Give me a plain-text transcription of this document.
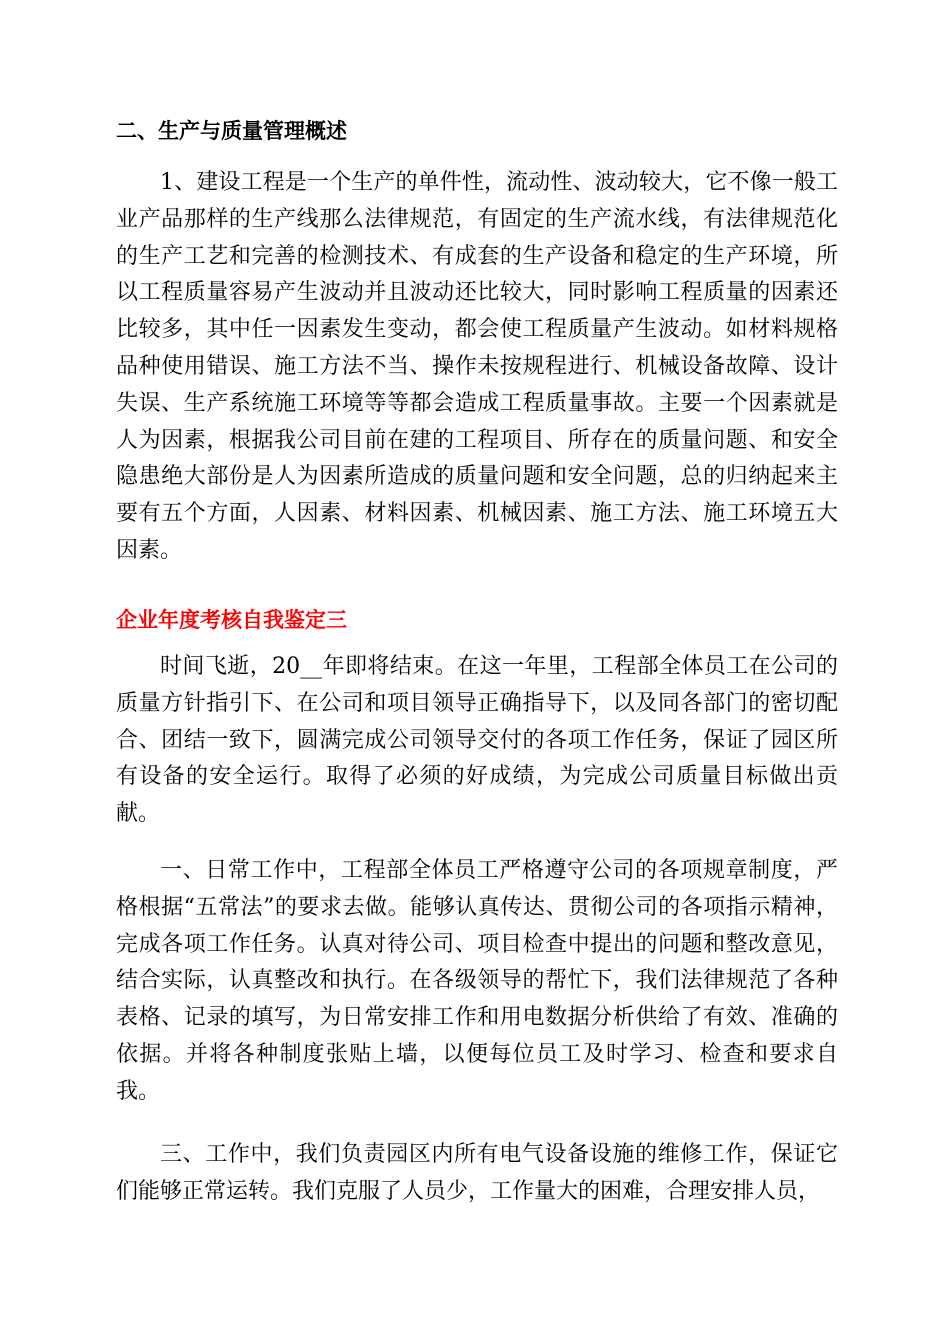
二、生产与质量管理概述

1、建设工程是一个生产的单件性，流动性、波动较大，它不像一般工业产品那样的生产线那么法律规范，有固定的生产流水线，有法律规范化的生产工艺和完善的检测技术、有成套的生产设备和稳定的生产环境，所以工程质量容易产生波动并且波动还比较大，同时影响工程质量的因素还比较多，其中任一因素发生变动，都会使工程质量产生波动。如材料规格品种使用错误、施工方法不当、操作未按规程进行、机械设备故障、设计失误、生产系统施工环境等等都会造成工程质量事故。主要一个因素就是人为因素，根据我公司目前在建的工程项目、所存在的质量问题、和安全隐患绝大部份是人为因素所造成的质量问题和安全问题，总的归纳起来主要有五个方面，人因素、材料因素、机械因素、施工方法、施工环境五大因素。

企业年度考核自我鉴定三

时间飞逝，20__年即将结束。在这一年里，工程部全体员工在公司的质量方针指引下、在公司和项目领导正确指导下，以及同各部门的密切配合、团结一致下，圆满完成公司领导交付的各项工作任务，保证了园区所有设备的安全运行。取得了必须的好成绩，为完成公司质量目标做出贡献。

一、日常工作中，工程部全体员工严格遵守公司的各项规章制度，严格根据“五常法”的要求去做。能够认真传达、贯彻公司的各项指示精神，完成各项工作任务。认真对待公司、项目检查中提出的问题和整改意见，结合实际，认真整改和执行。在各级领导的帮忙下，我们法律规范了各种表格、记录的填写，为日常安排工作和用电数据分析供给了有效、准确的依据。并将各种制度张贴上墙，以便每位员工及时学习、检查和要求自我。

三、工作中，我们负责园区内所有电气设备设施的维修工作，保证它们能够正常运转。我们克服了人员少，工作量大的困难，合理安排人员，
